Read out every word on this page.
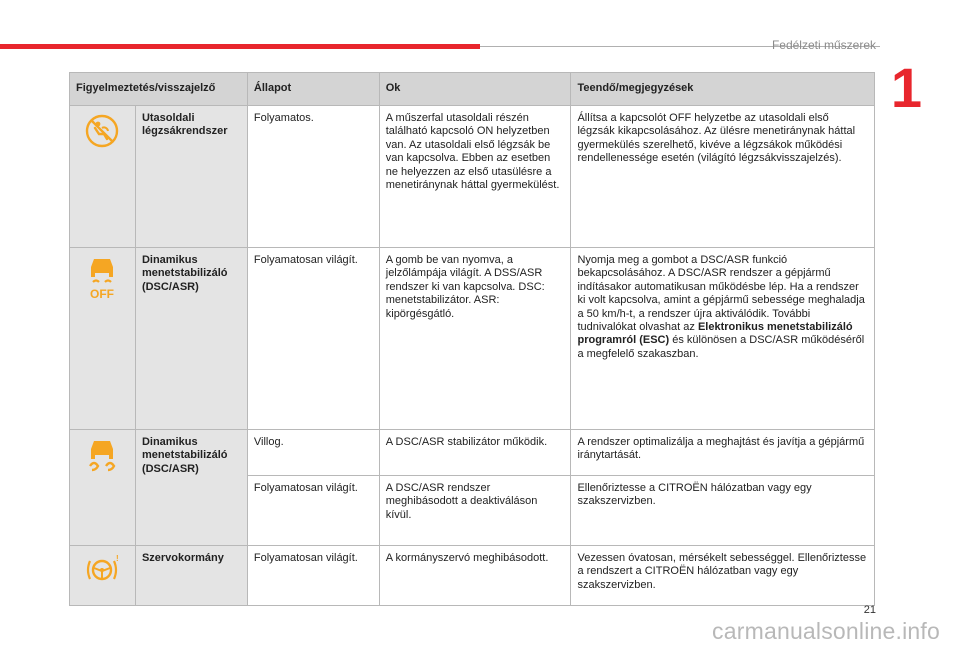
Fedélzeti műszerek
1
Figyelmeztetés/visszajelző		Állapot	Ok	Teendő/megjegyzések
	Utasoldali légzsákrendszer	Folyamatos.	A műszerfal utasoldali részén található kapcsoló ON helyzetben van. Az utasoldali első légzsák be van kapcsolva. Ebben az esetben ne helyezzen az első utasülésre a menetiránynak háttal gyermekülést.	Állítsa a kapcsolót OFF helyzetbe az utasoldali első légzsák kikapcsolásához. Az ülésre menetiránynak háttal gyermekülés szerelhető, kivéve a légzsákok működési rendellenessége esetén (világító légzsákvisszajelzés).

OFF	Dinamikus menetstabilizáló (DSC/ASR)	Folyamatosan világít.	A gomb be van nyomva, a jelzőlámpája világít. A DSS/ASR rendszer ki van kapcsolva. DSC: menetstabilizátor. ASR: kipörgésgátló.	Nyomja meg a gombot a DSC/ASR funkció bekapcsolásához. A DSC/ASR rendszer a gépjármű indításakor automatikusan működésbe lép. Ha a rendszer ki volt kapcsolva, amint a gépjármű sebessége meghaladja a 50 km/h-t, a rendszer újra aktiválódik. További tudnivalókat olvashat az Elektronikus menetstabilizáló programról (ESC) és különösen a DSC/ASR működéséről a megfelelő szakaszban.
	Dinamikus menetstabilizáló (DSC/ASR)	Villog.	A DSC/ASR stabilizátor működik.	A rendszer optimalizálja a meghajtást és javítja a gépjármű iránytartását.
		Folyamatosan világít.	A DSC/ASR rendszer meghibásodott a deaktiváláson kívül.	Ellenőriztesse a CITROËN hálózatban vagy egy szakszervizben.

!	Szervokormány	Folyamatosan világít.	A kormányszervó meghibásodott.	Vezessen óvatosan, mérsékelt sebességgel. Ellenőriztesse a rendszert a CITROËN hálózatban vagy egy szakszervizben.
21
carmanualsonline.info
